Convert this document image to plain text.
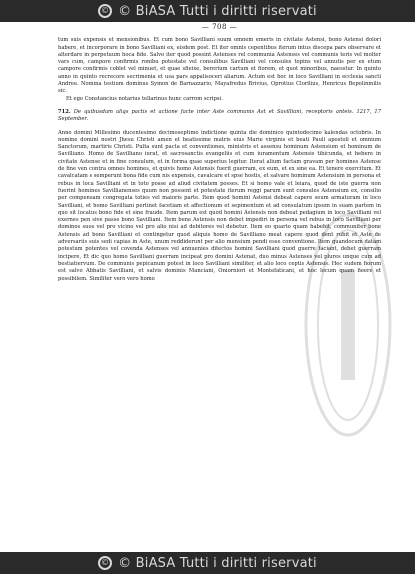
© © BiASA Tutti i diritti riservati
— 708 —

tum suis expensis et mensionibus. Et cum bono Savilliani suum omnem emeris in civitate Astensi, bono Astensi dolori habere, et incorporare in bono Savilliani ex, eisdem post. Et iter omnis cepentibus iterum intus discepa pars observare et alterdare in perpetuum hoca fide. Salvo iter quod possint Astenses rel communia Astenses vel communis teris vel molter vars cum, campore confirmis ronibu potestate vel consulibus Savilliani vel consules topins vel annutis per ex etum campore confirmis coblet vel minuet, et quae sfieixe, bererium cartum et fiorem, et quot minoribus, naesstur. In quinto anno in quinto recrecore secrimenia et usa pars appalisoceri aliarum. Actum est boc in loco Savilliani in ecclesia sancti Andree. Nomina testium dominus Symon de Barnazzario, Mayafredus Brivius, Oprotius Clorilius, Henricus Bepolinmilis sic.

Et ego Constancius notarius tellarinus hunc carrom scripsi.

712. De quibusdam aliqs pactis et actione facte inter Aste communis Ast et Savilliani, receptoris anteis. 1217, 17 September.

Anno domini Millesimo ducentesimo decimoseptimo indictione quinta die dominico quintodecimo kalendas octobris. In nomine domini nostri Jhesu Christi amen et beatissime matris eius Marie virginis et beati Pauli apostoli et omnium Sanctorum, martiris Christi. Pulta sunt pacta et conventiones, ministris et assensu hominum Astensium et hominum de Savilliano. Homo de Savilliano iurat, et sacrosanctis evangeliis et cum iuramentum Astensis tibicunda, et hebere in civitate Astense et in fine consulum, et in forma quae superius legitur. Iterat alium factam gravam per homines Astense de fine ven contra omnes homines, et quivis homo Astensis fuerit guerram, ex eum, et ex sine ea. Et tenere exercitum. Et cavalcatam s semperuni bona fide cum nis expensis, cavalcare et spse hostis, et salvare hominum Astensium in persona et rebus in loca Savilliani et in toto posse ad aliud civitatem posses. Et si homo vale et leiara, quod de iste guerra non fuerint homines Savillianenses quum non possent et potestate iterum reggi parum sunt consules Astensium ex, consilio per compensam congregata toties vel maioris parte. Item quod homini Astensi debeat capere seum armaturam in loco Savilliani, et homo Savilliani pertinet facetiam et affectionum et sepimentum et ad consulatum ipsum in suam partem in quo sit locatus bono fide et sine fraude. Item parum est quod homini Astensis non debeat pedagium in loco Savilliani vel exernes pen sive passe bono Savilliani. Item bene Astensis non debet impediri in persona vel rebus in loco Savilliani per dominos suos vel pro vicino vel pro alio nisi ad debitores vel debetur. Item eo quarto quam habebit, communiter bone Astensis ad bono Savilliani et contingetur quod aliquis homo de Savilliano meat capere quod dent rubit et Aste de adversariis suis sedi capias in Aste, unum reddiderunt per alio mensium pendi esse conventione. Item quandocum datam potestum potentes vel covenda Astenses vel annuenies ditectos homini Savilliani quod guerre faciant, debet guerram incipere, Et dic quo homo Savilliani guerram incipeat pro domini Astenat, duo minus Astenses vel plures unque cum ad bestiatiervum. De communis pepicanum potest in loco Savilliani similiter, et alio loco ceptis Astensis. Hec sudem fiorum est salvo Abbatis Savilliani, et salvis dominis Manciani, Oniorniori et Montefaticani, et hoc locum quam fieere et possibilem. Similiter vero vero homo

© © BiASA Tutti i diritti riservati
